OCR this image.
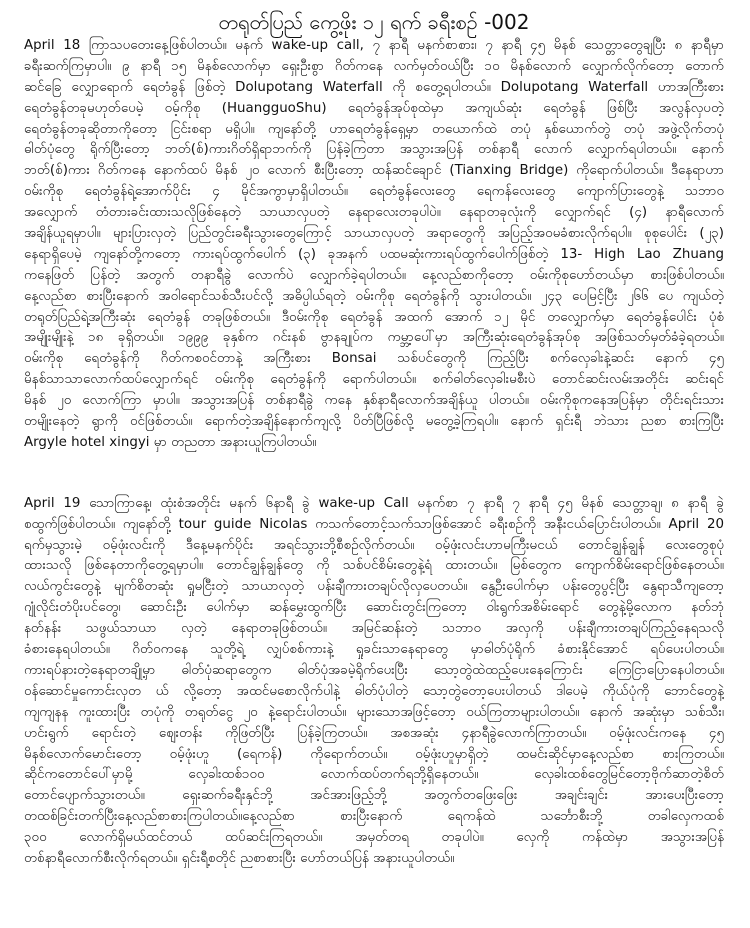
တရုတ်ပြည် ကွေ့ဖိုး ၁၂ ရက် ခရီးစဉ် -002
April 18 ကြာသပတေးနေ့ဖြစ်ပါတယ်။ မနက် wake-up call, ၇ နာရီ မနက်စာစား၊ ၇ နာရီ ၄၅ မိနစ် သေတ္တာတွေချပြီး ၈ နာရီမှာ
ခရီးဆက်ကြမှာပါ။ ၉ နာရီ ၁၅ မိနစ်လောက်မှာ ရှေးဦးစွာ ဂိတ်ကနေ လက်မှတ်ဝယ်ပြီး ၁၀ မိနစ်လောက် လျှောက်လိုက်တော့ တောက်
ဆင်ခြေ လျှောရောက် ရေတံခွန် ဖြစ်တဲ့ Dolupotang Waterfall ကို စတွေ့ရပါတယ်။ Dolupotang Waterfall ဟာအကြီးစား
ရေတံခွန်တခုမဟုတ်ပေမဲ့ ဝမ့်ကိုစု (HuangguoShu) ရေတံခွန်အုပ်စုထဲမှာ အကျယ်ဆုံး ရေတံခွန် ဖြစ်ပြီး အလွန်လှပတဲ့
ရေတံခွန်တခုဆိုတာကိုတော့ ငြင်းစရာ မရှိပါ။ ကျနော်တို့ ဟာရေတံခွန်ရှေ့မှာ တယောက်ထဲ တပုံ နှစ်ယောက်တွဲ တပုံ အဖွဲ့လိုက်တပုံ
ဓါတ်ပုံတွေ ရိုက်ပြီးတော့ ဘတ်(စ်)ကားဂိတ်ရှိရာဘက်ကို ပြန်ခဲ့ကြတာ အသွားအပြန် တစ်နာရီ လောက် လျှောက်ရပါတယ်။ နောက်
ဘတ်(စ်)ကား ဂိတ်ကနေ နောက်ထပ် မိနစ် ၂၀ လောက် စီးပြီးတော့ ထန်ဆင်ချောင် (Tianxing Bridge) ကိုရောက်ပါတယ်။ ဒီနေရာဟာ
ဝမ်းကိုစု ရေတံခွန်ရဲ့အောက်ပိုင်း ၄ မိုင်အကွာမှာရှိပါတယ်။ ရေတံခွန်လေးတွေ ရေကန်လေးတွေ ကျောက်ပြားတွေနဲ့ သဘာဝ
အလျှောက် တံတားခင်းထားသလိုဖြစ်နေတဲ့ သာယာလှပတဲ့ နေရာလေးတခုပါပဲ။ နေရာတခုလုံးကို လျှောက်ရင် (၄) နာရီလောက်
အချိန်ယူရမှာပါ။ များပြားလှတဲ့ ပြည်တွင်းခရီးသွားတွေကြောင့် သာယာလှပတဲ့ အရာတွေကို အပြည့်အဝမခံစားလိုက်ရပါ။ စုစုပေါင်း (၂၃)
နေရာရှိပေမဲ့ ကျနော်တို့ကတော့ ကားရပ်ထွက်ပေါက် (၃) ခုအနက် ပထမဆုံးကားရပ်ထွက်ပေါက်ဖြစ်တဲ့ 13- High Lao Zhuang
ကနေဖြတ် ပြန်တဲ့ အတွက် တနာရီခွဲ လောက်ပဲ လျှောက်ခဲ့ရပါတယ်။ နေ့လည်စာကိုတော့ ဝမ်းကိုစုဟော်တယ်မှာ စားဖြစ်ပါတယ်။
နေ့လည်စာ စားပြီးနောက် အဝါရောင်သစ်သီးပင်လို့ အဓိပ္ပါယ်ရတဲ့ ဝမ်းကိုစု ရေတံခွန်ကို သွားပါတယ်။ ၂၄၃ ပေမြင့်ပြီး ၂၆၆ ပေ ကျယ်တဲ့
တရုတ်ပြည်ရဲ့အကြီးဆုံး ရေတံခွန် တခုဖြစ်တယ်။ ဒီဝမ်းကိုစု ရေတံခွန် အထက် အောက် ၁၂ မိုင် တလျှောက်မှာ ရေတံခွန်ပေါင်း ပုံစံ
အမျိုးမျိုးနဲ့ ၁၈ ခုရှိတယ်။ ၁၉၉၉ ခုနှစ်က ဂင်းနစ် ဗွာနချုပ်က ကမ္ဘာ့ပေါ်မှာ အကြီးဆုံးရေတံခွန်အုပ်စု အဖြစ်သတ်မှတ်ခံခဲ့ရတယ်။
ဝမ်းကိုစု ရေတံခွန်ကို ဂိတ်ကစဝင်တာနဲ့ အကြီးစား Bonsai သစ်ပင်တွေကို ကြည့်ပြီး စက်လှေခါးနဲ့ဆင်း နောက် ၄၅
မိနစ်သာသာလောက်ထပ်လျှောက်ရင် ဝမ်းကိုစု ရေတံခွန်ကို ရောက်ပါတယ်။ စက်ဓါတ်လှေခါးမစီးပဲ တောင်ဆင်းလမ်းအတိုင်း ဆင်းရင်
မိနစ် ၂၀ လောက်ကြာ မှာပါ။ အသွားအပြန် တစ်နာရီခွဲ ကနေ နှစ်နာရီလောက်အချိန်ယူ ပါတယ်။ ဝမ်းကိုစုကနေအပြန်မှာ တိုင်းရင်းသား
တမျိုးနေတဲ့ ရွာကို ဝင်ဖြစ်တယ်။ ရောက်တဲ့အချိန်နောက်ကျလို့ ပိတ်ပြီဖြစ်လို့ မတွေ့ခဲ့ကြရပါ။ နောက် ရှင်းရီ ဘဲသား ညစာ စားကြပြီး
Argyle hotel xingyi မှာ တညတာ အနားယူကြပါတယ်။
April 19 သောကြာနေ့၊ ထုံးစံအတိုင်း မနက် ၆နာရီ ခွဲ wake-up Call မနက်စာ ၇ နာရီ ၇ နာရီ ၄၅ မိနစ် သေတ္တာချ၊ ၈ နာရီ ခွဲ
စထွက်ဖြစ်ပါတယ်။ ကျနော်တို့ tour guide Nicolas ကသက်တောင့်သက်သာဖြစ်အောင် ခရီးစဉ်ကို အနီးငယ်ပြောင်းပါတယ်။ April 20
ရက်မှသွားမဲ့ ဝမ့်ဖုံးလင်းကို ဒီနေ့မနက်ပိုင်း အရင်သွားဘို့စီစဉ်လိုက်တယ်။ ဝမ့်ဖုံးလင်းဟာမကြီးမငယ် တောင်ချွန်ချွန် လေးတွေစုပုံ
ထားသလို ဖြစ်နေတာကိုတွေ့ရမှာပါ။ တောင်ချွန်ချွန်တွေ ကို သစ်ပင်စိမ်းတွေနဲ့ရံ ထားတယ်။ မြစ်တွေက ကျောက်စိမ်းရောင်ဖြစ်နေတယ်။
လယ်ကွင်းတွေနဲ့ မျက်စိတဆုံး ရှုမငြီးတဲ့ သာယာလှတဲ့ ပန်းချီကားတချပ်လိုလှပေတယ်။ နွေဦးပေါက်မှာ ပန်းတွေပွင့်ပြီး နွေရာသီကျတော့
ဂျုံလိုင်းတံပိုးပင်တွေ၊ ဆောင်းဦး ပေါက်မှာ ဆန်မွှေးထွက်ပြီး ဆောင်းတွင်းကြတော့ ဝါးရွက်အစိမ်းရောင် တွေနဲ့မို့လောက နတ်ဘုံ
နတ်နန်း သဖွယ်သာယာ လှတဲ့ နေရာတခုဖြစ်တယ်။ အမြင်ဆန်းတဲ့ သဘာဝ အလှကို ပန်းချီကားတချပ်ကြည့်နေရသလို
ခံစားနေရပါတယ်။ ဂိတ်ဝကနေ သူတို့ရဲ့ လျှပ်စစ်ကားနဲ့ ရှုခင်းသာနေရာတွေ မှာဓါတ်ပုံရိုက် ခံစားနိုင်အောင် ရပ်ပေးပါတယ်။
ကားရပ်နားတဲ့နေရာတချို့မှာ ဓါတ်ပုံဆရာတွေက ဓါတ်ပုံအခမဲ့ရိုက်ပေးပြီး သော့တွဲထဲထည့်ပေးနေကြောင်း ကြေငြာပြောနေပါတယ်။
ဝန်ဆောင်မှုကောင်းလှတ ယ် လို့တော့ အထင်မစောလိုက်ပါနဲ့ ဓါတ်ပုံပါတဲ့ သော့တွဲတော့ပေးပါတယ် ဒါပေမဲ့ ကိုယ်ပုံကို ဘောင်တွေနဲ့
ကျကျနန ကူးထားပြီး တပုံကို တရုတ်ငွေ ၂၀ နဲ့ရောင်းပါတယ်။ များသောအဖြင့်တော့ ဝယ်ကြတာများပါတယ်။ နောက် အဆုံးမှာ သစ်သီး၊
ဟင်းရွက် ရောင်းတဲ့ ဈေးတန်း ကိုဖြတ်ပြီး ပြန်ခဲ့ကြတယ်။ အစအဆုံး ၄နာရီခွဲလောက်ကြာတယ်။ ဝမ့်ဖုံးလင်းကနေ ၄၅
မိနစ်လောက်မောင်းတော့ ဝမ့်ဖုံးဟူ (ရေကန်) ကိုရောက်တယ်။ ဝမ့်ဖုံးဟူမှာရှိတဲ့ ထမင်းဆိုင်မှာနေ့လည်စာ စားကြတယ်။
ဆိုင်ကတောင်ပေါ်မှာမို့ လှေခါးထစ်၁၀၀ လောက်ထပ်တက်ရဘို့ရှိနေတယ်။ လှေခါးထစ်တွေမြင်တော့ဗိုက်ဆာတဲ့စိတ်
တောင်ပျောက်သွားတယ်။ ရှေးဆက်ခရီးနှင်ဘို့ အင်အားဖြည့်ဘို့ အတွက်တဖြေးဖြေး အချင်းချင်း အားပေးပြီးတော့
တထစ်ခြင်းတက်ပြီးနေ့လည်စာစားကြပါတယ်။နေ့လည်စာ စားပြီးနောက် ရေကန်ထဲ သင်္ဘောစီးဘို့ တခါလှေကထစ်
၃၀၀ လောက်ရှိမယ်ထင်တယ် ထပ်ဆင်းကြရတယ်။ အမှတ်တရ တခုပါပဲ။ လှေကို ကန်ထဲမှာ အသွားအပြန်
တစ်နာရီလောက်စီးလိုက်ရတယ်။ ရှင်းရီ့စတိုင် ညစာစားပြီး ဟော်တယ်ပြန် အနားယူပါတယ်။
